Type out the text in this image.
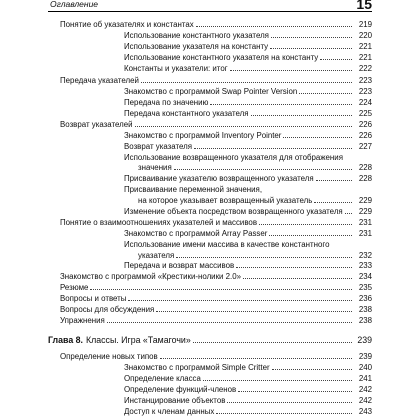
Оглавление	15
Понятие об указателях и константах	219
Использование константного указателя	220
Использование указателя на константу	221
Использование константного указателя на константу	221
Константы и указатели: итог	222
Передача указателей	223
Знакомство с программой Swap Pointer Version	223
Передача по значению	224
Передача константного указателя	225
Возврат указателей	226
Знакомство с программой Inventory Pointer	226
Возврат указателя	227
Использование возвращенного указателя для отображения
значения	228
Присваивание указателю возвращенного указателя	228
Присваивание переменной значения,
на которое указывает возвращенный указатель	229
Изменение объекта посредством возвращенного указателя	229
Понятие о взаимоотношениях указателей и массивов	231
Знакомство с программой Array Passer	231
Использование имени массива в качестве константного
указателя	232
Передача и возврат массивов	233
Знакомство с программой «Крестики-нолики 2.0»	234
Резюме	235
Вопросы и ответы	236
Вопросы для обсуждения	238
Упражнения	238
Глава 8. Классы. Игра «Тамагочи»	239
Определение новых типов	239
Знакомство с программой Simple Critter	240
Определение класса	241
Определение функций-членов	242
Инстанцирование объектов	242
Доступ к членам данных	243
